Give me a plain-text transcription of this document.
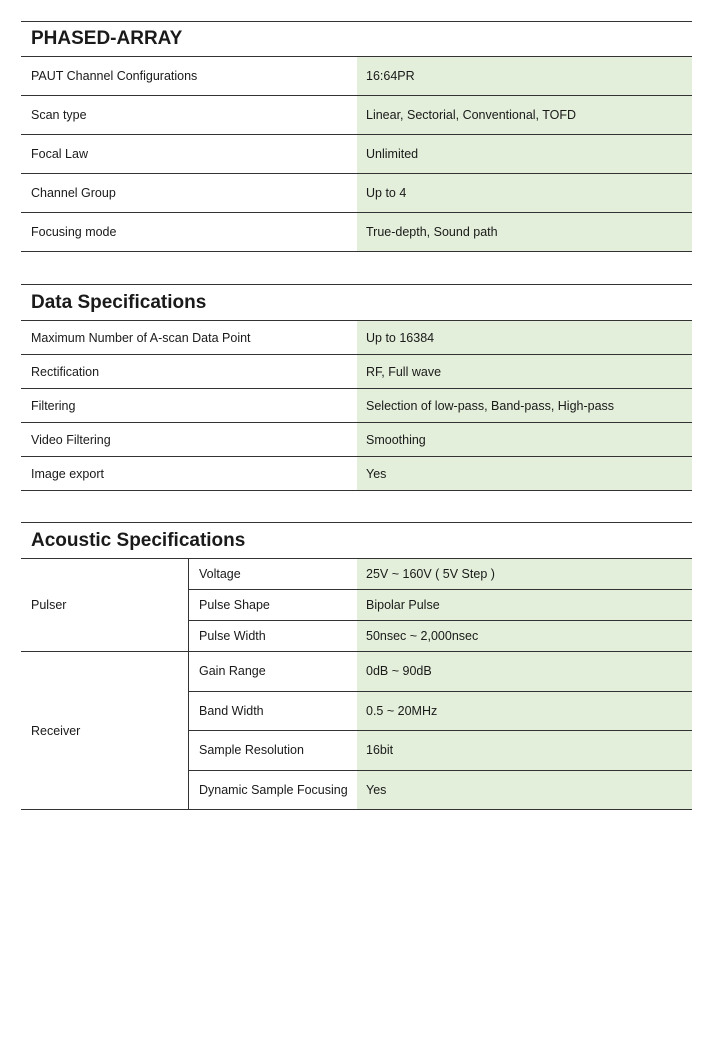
PHASED-ARRAY
PAUT Channel Configurations	16:64PR
Scan type	Linear, Sectorial, Conventional, TOFD
Focal Law	Unlimited
Channel Group	Up to 4
Focusing mode	True-depth, Sound path
Data Specifications
Maximum Number of A-scan Data Point	Up to 16384
Rectification	RF, Full wave
Filtering	Selection of low-pass, Band-pass, High-pass
Video Filtering	Smoothing
Image export	Yes
Acoustic Specifications
Pulser
Voltage	25V ~ 160V ( 5V Step )
Pulse Shape	Bipolar Pulse
Pulse Width	50nsec ~ 2,000nsec
Receiver
Gain Range	0dB ~ 90dB
Band Width	0.5 ~ 20MHz
Sample Resolution	16bit
Dynamic Sample Focusing	Yes
